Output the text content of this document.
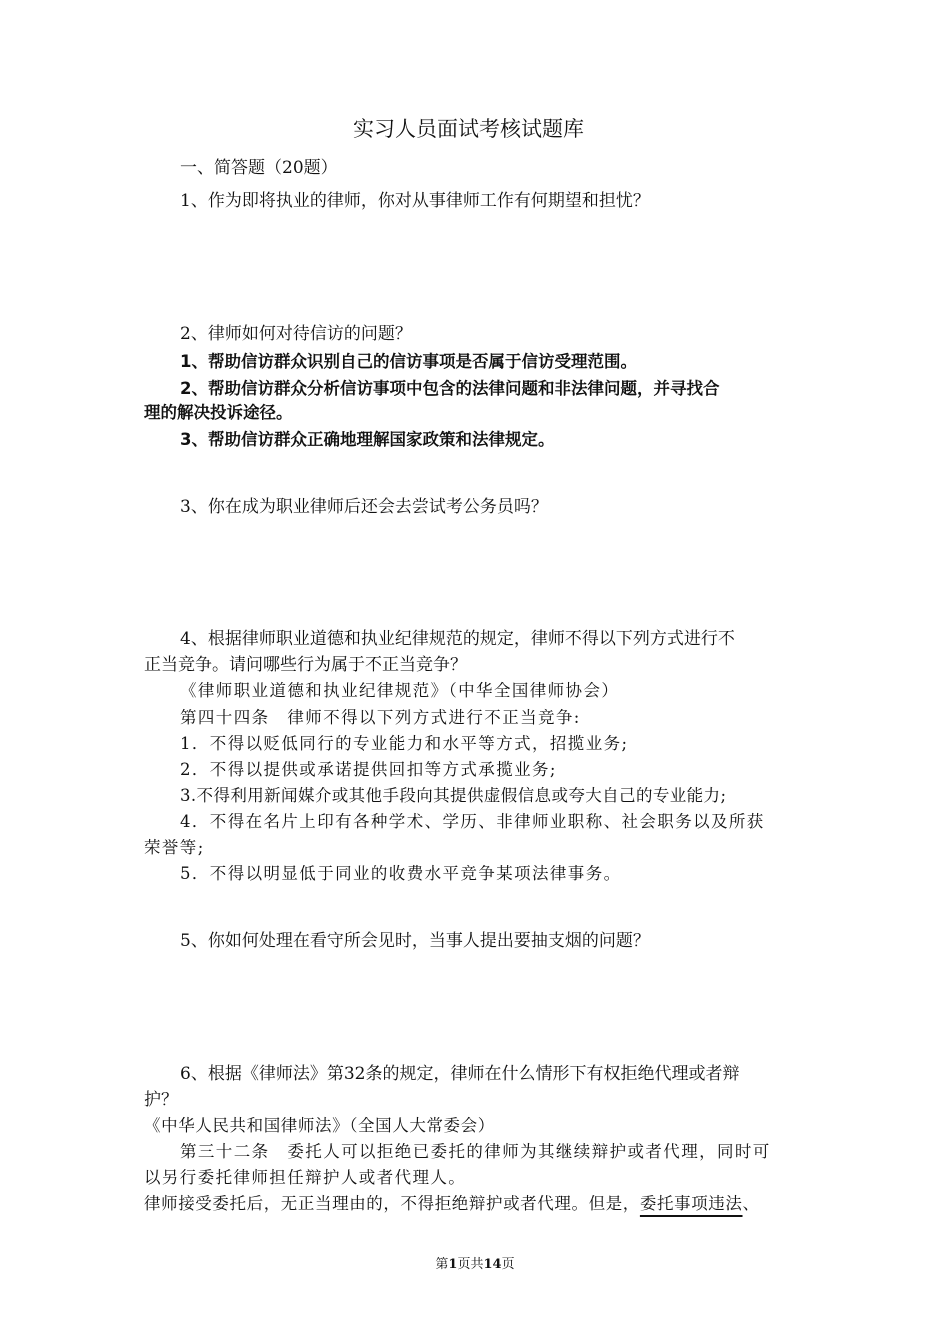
实习人员面试考核试题库
一、简答题（20题）
1、作为即将执业的律师，你对从事律师工作有何期望和担忧？
2、律师如何对待信访的问题？
1、帮助信访群众识别自己的信访事项是否属于信访受理范围。
2、帮助信访群众分析信访事项中包含的法律问题和非法律问题，并寻找合
理的解决投诉途径。
3、帮助信访群众正确地理解国家政策和法律规定。
3、你在成为职业律师后还会去尝试考公务员吗？
4、根据律师职业道德和执业纪律规范的规定，律师不得以下列方式进行不
正当竞争。请问哪些行为属于不正当竞争？
《律师职业道德和执业纪律规范》（中华全国律师协会）
第四十四条　律师不得以下列方式进行不正当竞争:
1．不得以贬低同行的专业能力和水平等方式，招揽业务;
2．不得以提供或承诺提供回扣等方式承揽业务;
3.不得利用新闻媒介或其他手段向其提供虚假信息或夸大自己的专业能力;
4．不得在名片上印有各种学术、学历、非律师业职称、社会职务以及所获
荣誉等;
5．不得以明显低于同业的收费水平竞争某项法律事务。
5、你如何处理在看守所会见时，当事人提出要抽支烟的问题？
6、根据《律师法》第32条的规定，律师在什么情形下有权拒绝代理或者辩
护？
《中华人民共和国律师法》（全国人大常委会）
第三十二条　委托人可以拒绝已委托的律师为其继续辩护或者代理，同时可
以另行委托律师担任辩护人或者代理人。
律师接受委托后，无正当理由的，不得拒绝辩护或者代理。但是，委托事项违法、
第1页共14页
